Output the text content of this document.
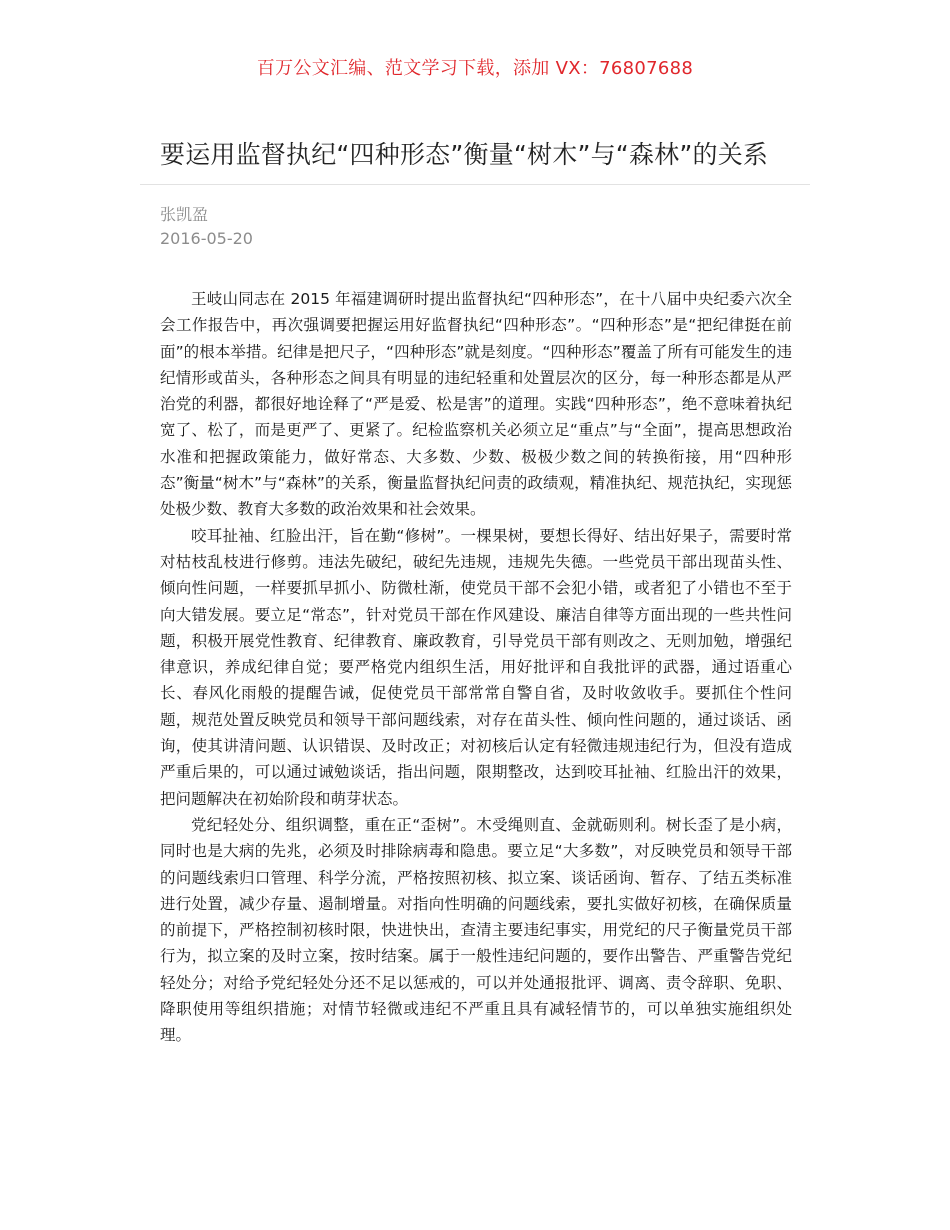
百万公文汇编、范文学习下载，添加 VX：76807688
要运用监督执纪“四种形态”衡量“树木”与“森林”的关系
张凯盈
2016-05-20

王岐山同志在 2015 年福建调研时提出监督执纪“四种形态”，在十八届中央纪委六次全会工作报告中，再次强调要把握运用好监督执纪“四种形态”。“四种形态”是“把纪律挺在前面”的根本举措。纪律是把尺子，“四种形态”就是刻度。“四种形态”覆盖了所有可能发生的违纪情形或苗头，各种形态之间具有明显的违纪轻重和处置层次的区分，每一种形态都是从严治党的利器，都很好地诠释了“严是爱、松是害”的道理。实践“四种形态”，绝不意味着执纪宽了、松了，而是更严了、更紧了。纪检监察机关必须立足“重点”与“全面”，提高思想政治水准和把握政策能力，做好常态、大多数、少数、极极少数之间的转换衔接，用“四种形态”衡量“树木”与“森林”的关系，衡量监督执纪问责的政绩观，精准执纪、规范执纪，实现惩处极少数、教育大多数的政治效果和社会效果。

咬耳扯袖、红脸出汗，旨在勤“修树”。一棵果树，要想长得好、结出好果子，需要时常对枯枝乱枝进行修剪。违法先破纪，破纪先违规，违规先失德。一些党员干部出现苗头性、倾向性问题，一样要抓早抓小、防微杜渐，使党员干部不会犯小错，或者犯了小错也不至于向大错发展。要立足“常态”，针对党员干部在作风建设、廉洁自律等方面出现的一些共性问题，积极开展党性教育、纪律教育、廉政教育，引导党员干部有则改之、无则加勉，增强纪律意识，养成纪律自觉；要严格党内组织生活，用好批评和自我批评的武器，通过语重心长、春风化雨般的提醒告诫，促使党员干部常常自警自省，及时收敛收手。要抓住个性问题，规范处置反映党员和领导干部问题线索，对存在苗头性、倾向性问题的，通过谈话、函询，使其讲清问题、认识错误、及时改正；对初核后认定有轻微违规违纪行为，但没有造成严重后果的，可以通过诫勉谈话，指出问题，限期整改，达到咬耳扯袖、红脸出汗的效果，把问题解决在初始阶段和萌芽状态。

党纪轻处分、组织调整，重在正“歪树”。木受绳则直、金就砺则利。树长歪了是小病，同时也是大病的先兆，必须及时排除病毒和隐患。要立足“大多数”，对反映党员和领导干部的问题线索归口管理、科学分流，严格按照初核、拟立案、谈话函询、暂存、了结五类标准进行处置，减少存量、遏制增量。对指向性明确的问题线索，要扎实做好初核，在确保质量的前提下，严格控制初核时限，快进快出，查清主要违纪事实，用党纪的尺子衡量党员干部行为，拟立案的及时立案，按时结案。属于一般性违纪问题的，要作出警告、严重警告党纪轻处分；对给予党纪轻处分还不足以惩戒的，可以并处通报批评、调离、责令辞职、免职、降职使用等组织措施；对情节轻微或违纪不严重且具有减轻情节的，可以单独实施组织处理。
